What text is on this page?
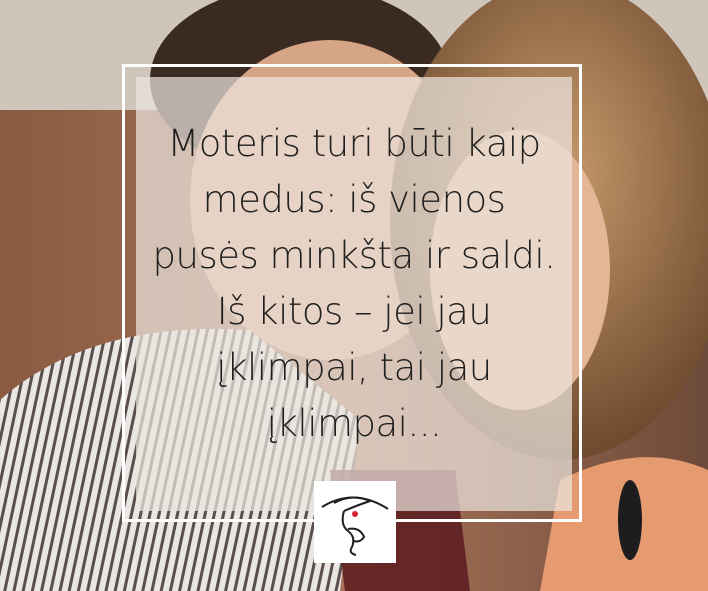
Moteris turi būti kaip medus: iš vienos pusės minkšta ir saldi. Iš kitos – jei jau įklimpai, tai jau įklimpai...
